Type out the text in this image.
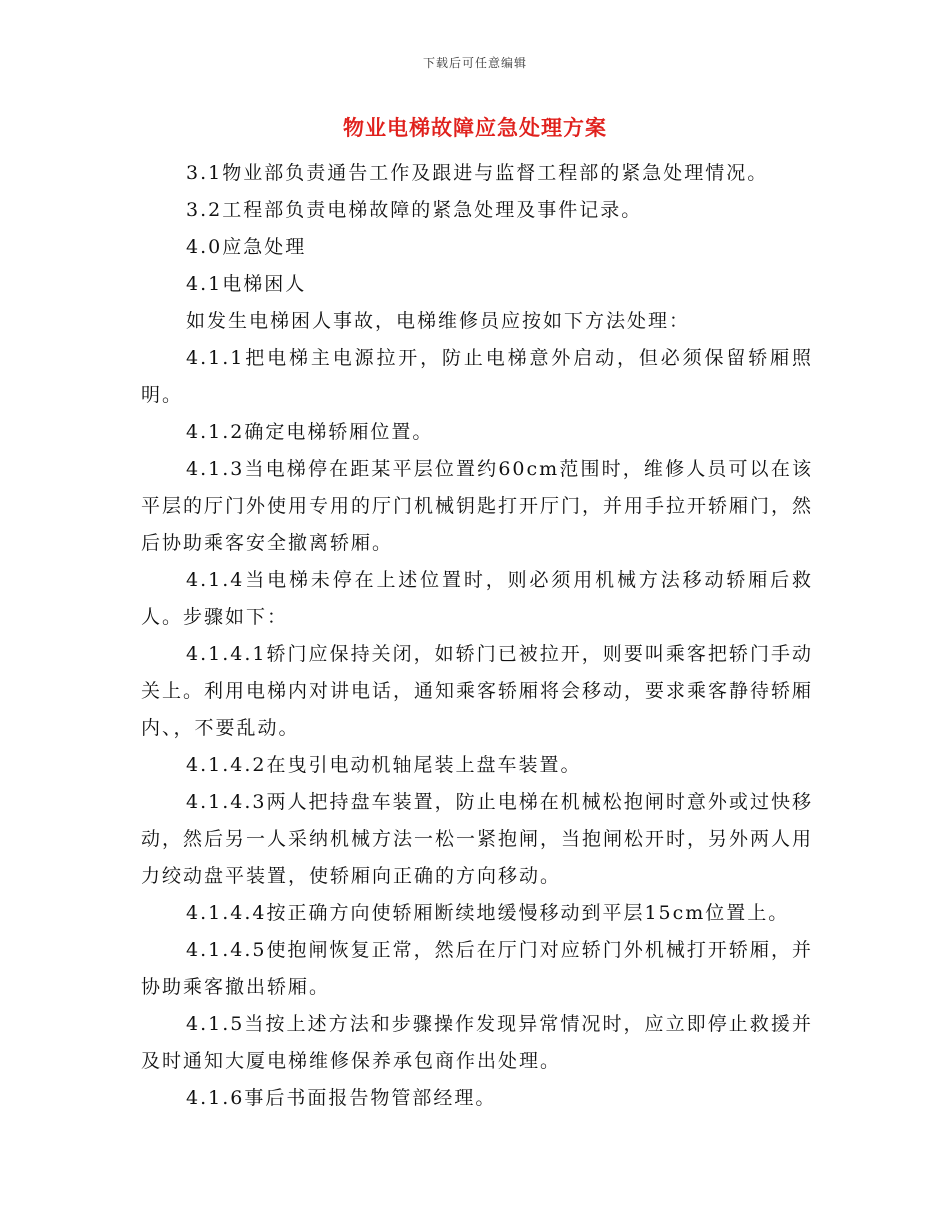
下载后可任意编辑
物业电梯故障应急处理方案

3.1物业部负责通告工作及跟进与监督工程部的紧急处理情况。

3.2工程部负责电梯故障的紧急处理及事件记录。

4.0应急处理

4.1电梯困人

如发生电梯困人事故，电梯维修员应按如下方法处理：

4.1.1把电梯主电源拉开，防止电梯意外启动，但必须保留轿厢照明。

4.1.2确定电梯轿厢位置。

4.1.3当电梯停在距某平层位置约60cm范围时，维修人员可以在该平层的厅门外使用专用的厅门机械钥匙打开厅门，并用手拉开轿厢门，然后协助乘客安全撤离轿厢。

4.1.4当电梯未停在上述位置时，则必须用机械方法移动轿厢后救人。步骤如下：

4.1.4.1轿门应保持关闭，如轿门已被拉开，则要叫乘客把轿门手动关上。利用电梯内对讲电话，通知乘客轿厢将会移动，要求乘客静待轿厢内、，不要乱动。

4.1.4.2在曳引电动机轴尾装上盘车装置。

4.1.4.3两人把持盘车装置，防止电梯在机械松抱闸时意外或过快移动，然后另一人采纳机械方法一松一紧抱闸，当抱闸松开时，另外两人用力绞动盘平装置，使轿厢向正确的方向移动。

4.1.4.4按正确方向使轿厢断续地缓慢移动到平层15cm位置上。

4.1.4.5使抱闸恢复正常，然后在厅门对应轿门外机械打开轿厢，并协助乘客撤出轿厢。

4.1.5当按上述方法和步骤操作发现异常情况时，应立即停止救援并及时通知大厦电梯维修保养承包商作出处理。

4.1.6事后书面报告物管部经理。
